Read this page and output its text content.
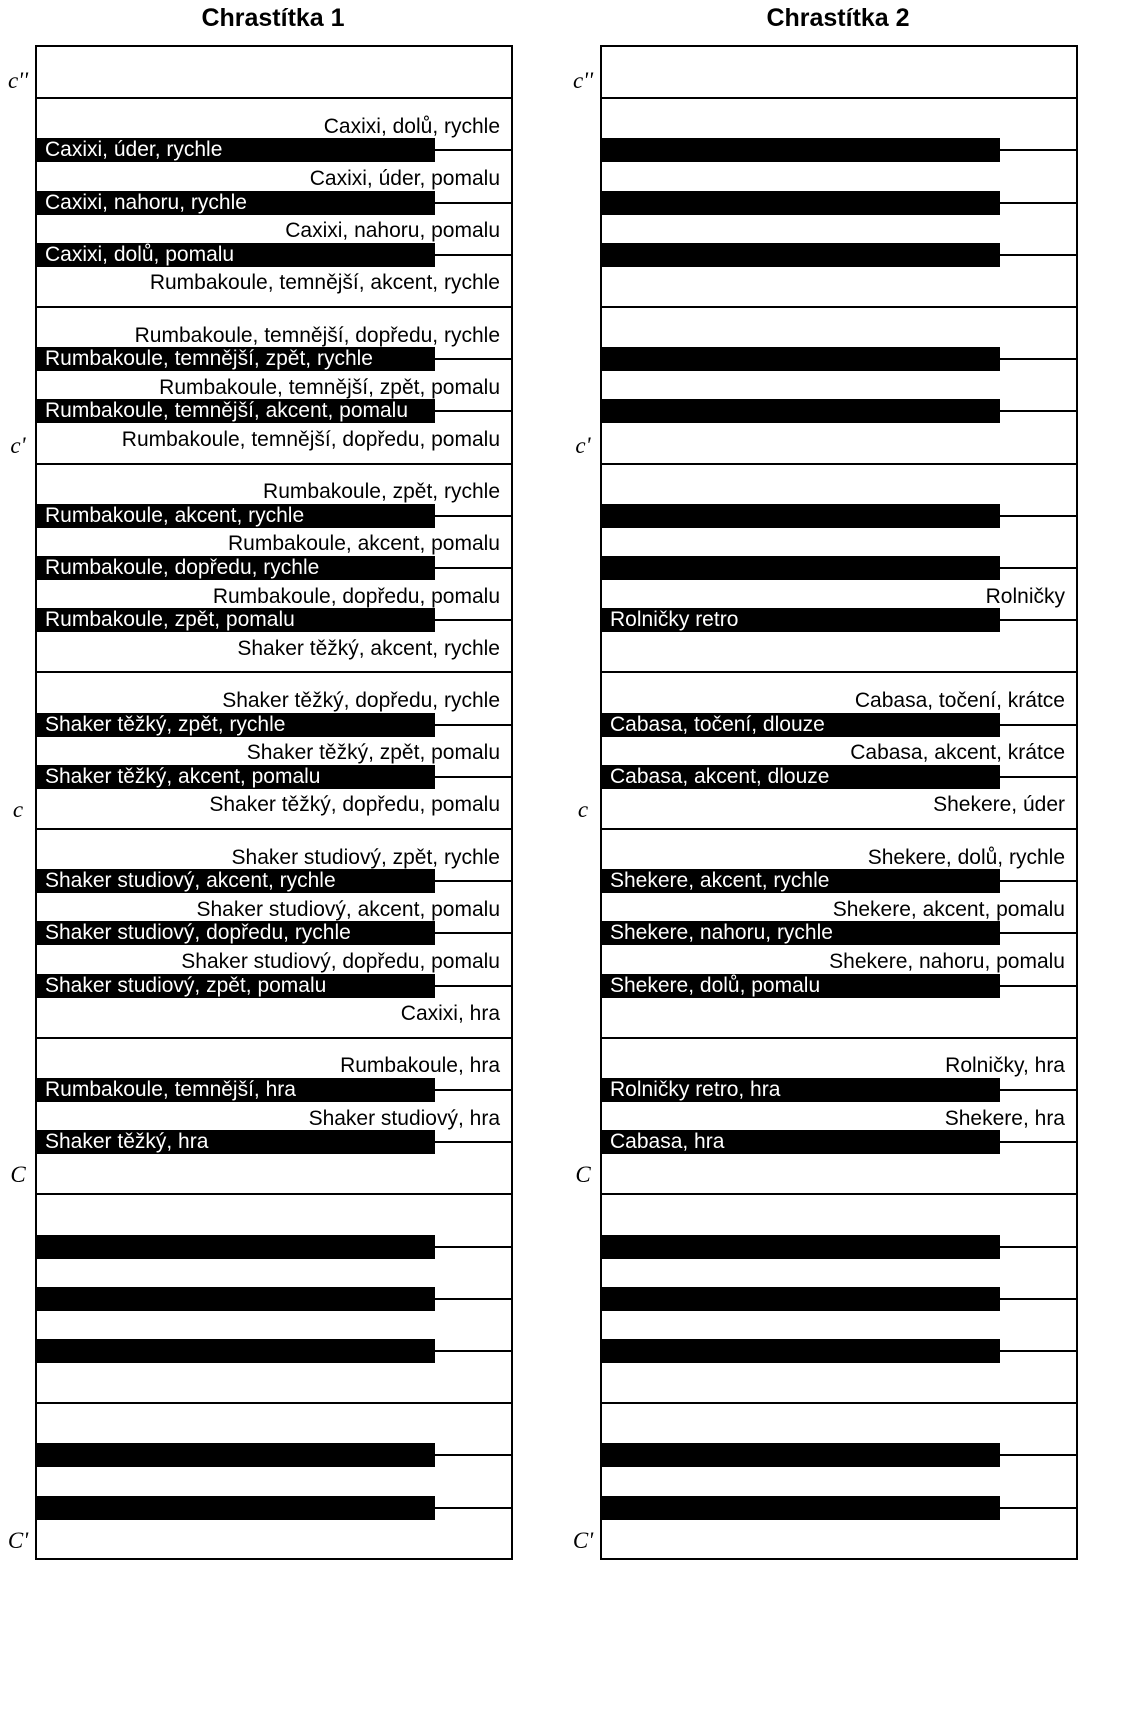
Chrastítka 1
Caxixi, dolů, rychle
Caxixi, úder, pomalu
Caxixi, nahoru, pomalu
Rumbakoule, temnější, akcent, rychle
Rumbakoule, temnější, dopředu, rychle
Rumbakoule, temnější, zpět, pomalu
Rumbakoule, temnější, dopředu, pomalu
Rumbakoule, zpět, rychle
Rumbakoule, akcent, pomalu
Rumbakoule, dopředu, pomalu
Shaker těžký, akcent, rychle
Shaker těžký, dopředu, rychle
Shaker těžký, zpět, pomalu
Shaker těžký, dopředu, pomalu
Shaker studiový, zpět, rychle
Shaker studiový, akcent, pomalu
Shaker studiový, dopředu, pomalu
Caxixi, hra
Rumbakoule, hra
Shaker studiový, hra
Caxixi, úder, rychle
Caxixi, nahoru, rychle
Caxixi, dolů, pomalu
Rumbakoule, temnější, zpět, rychle
Rumbakoule, temnější, akcent, pomalu
Rumbakoule, akcent, rychle
Rumbakoule, dopředu, rychle
Rumbakoule, zpět, pomalu
Shaker těžký, zpět, rychle
Shaker těžký, akcent, pomalu
Shaker studiový, akcent, rychle
Shaker studiový, dopředu, rychle
Shaker studiový, zpět, pomalu
Rumbakoule, temnější, hra
Shaker těžký, hra
c''
c'
c
C
C'
Chrastítka 2
Rolničky
Cabasa, točení, krátce
Cabasa, akcent, krátce
Shekere, úder
Shekere, dolů, rychle
Shekere, akcent, pomalu
Shekere, nahoru, pomalu
Rolničky, hra
Shekere, hra
Rolničky retro
Cabasa, točení, dlouze
Cabasa, akcent, dlouze
Shekere, akcent, rychle
Shekere, nahoru, rychle
Shekere, dolů, pomalu
Rolničky retro, hra
Cabasa, hra
c''
c'
c
C
C'
